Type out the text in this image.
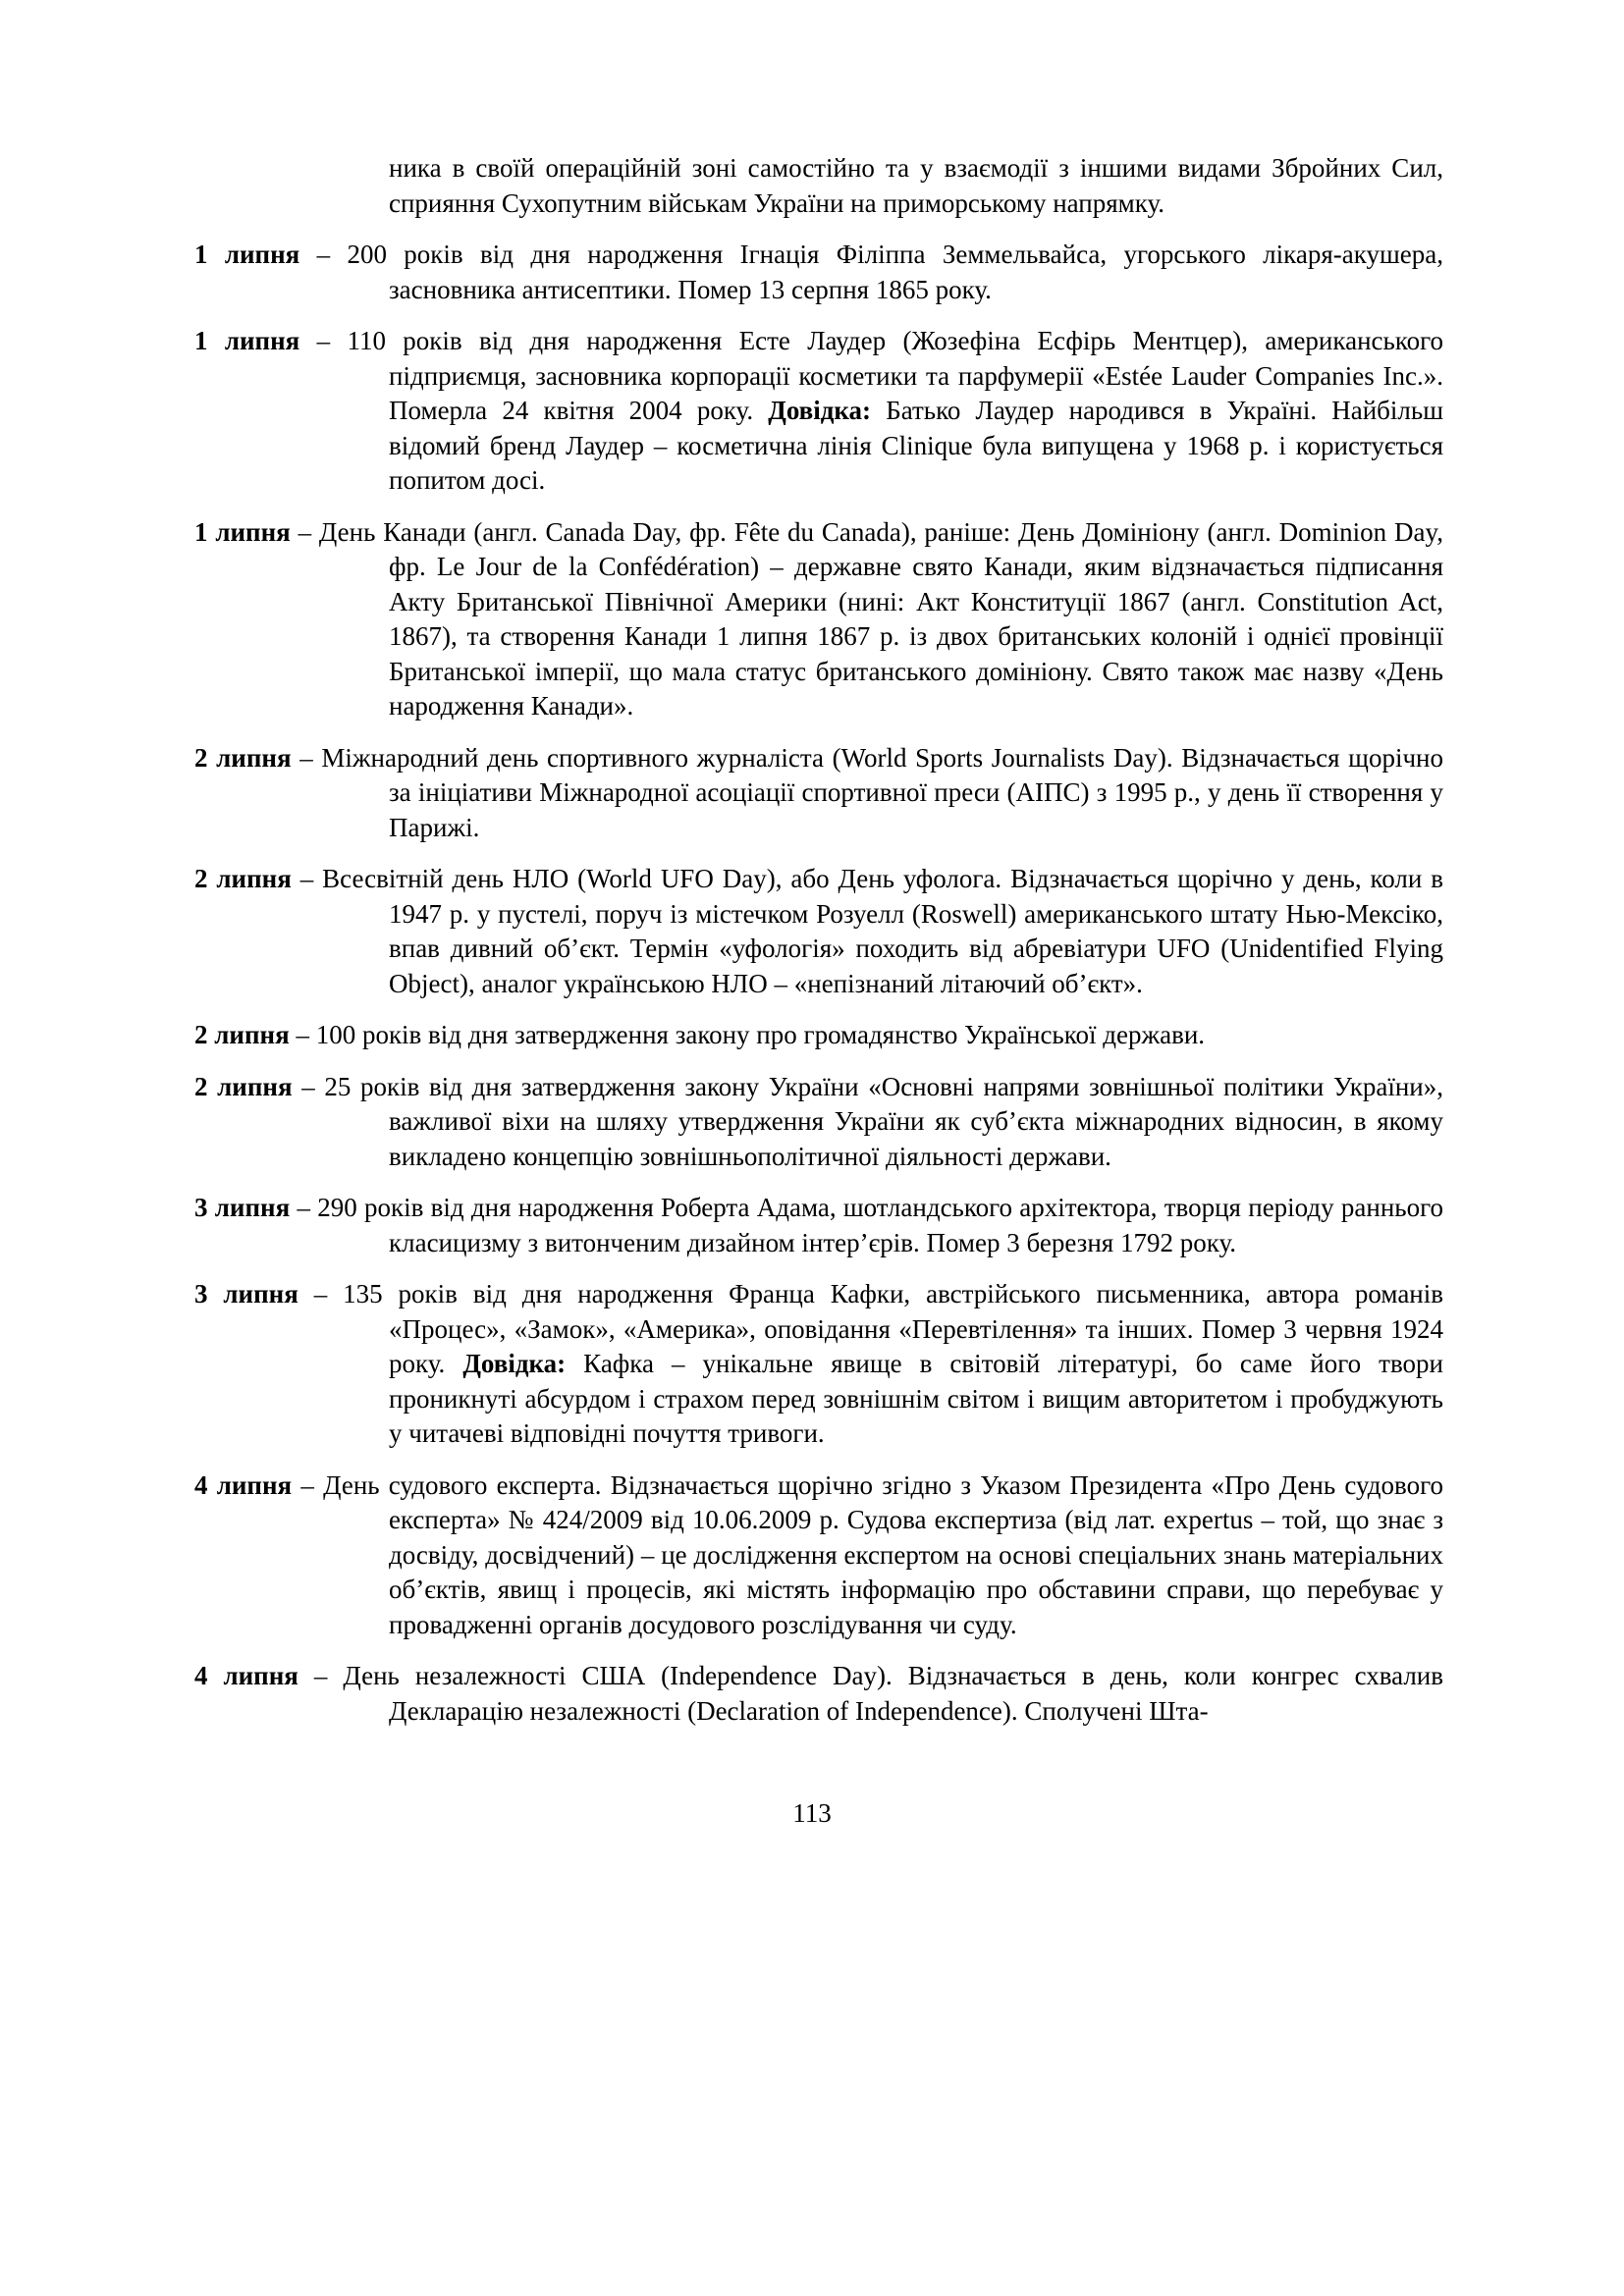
ника в своїй операційній зоні самостійно та у взаємодії з іншими видами Збройних Сил, сприяння Сухопутним військам України на приморському напрямку.

1 липня – 200 років від дня народження Ігнація Філіппа Земмельвайса, угорського лікаря-акушера, засновника антисептики. Помер 13 серпня 1865 року.

1 липня – 110 років від дня народження Есте Лаудер (Жозефіна Есфірь Ментцер), американського підприємця, засновника корпорації косметики та парфумерії «Estée Lauder Companies Inc.». Померла 24 квітня 2004 року. Довідка: Батько Лаудер народився в Україні. Найбільш відомий бренд Лаудер – косметична лінія Clinique була випущена у 1968 р. і користується попитом досі.

1 липня – День Канади (англ. Canada Day, фр. Fête du Canada), раніше: День Домініону (англ. Dominion Day, фр. Le Jour de la Confédération) – державне свято Канади, яким відзначається підписання Акту Британської Північної Америки (нині: Акт Конституції 1867 (англ. Constitution Act, 1867), та створення Канади 1 липня 1867 р. із двох британських колоній і однієї провінції Британської імперії, що мала статус британського домініону. Свято також має назву «День народження Канади».

2 липня – Міжнародний день спортивного журналіста (World Sports Journalists Day). Відзначається щорічно за ініціативи Міжнародної асоціації спортивної преси (АІПС) з 1995 р., у день її створення у Парижі.

2 липня – Всесвітній день НЛО (World UFO Day), або День уфолога. Відзначається щорічно у день, коли в 1947 р. у пустелі, поруч із містечком Розуелл (Roswell) американського штату Нью-Мексіко, впав дивний об’єкт. Термін «уфологія» походить від абревіатури UFO (Unidentified Flying Object), аналог українською НЛО – «непізнаний літаючий об’єкт».

2 липня – 100 років від дня затвердження закону про громадянство Української держави.

2 липня – 25 років від дня затвердження закону України «Основні напрями зовнішньої політики України», важливої віхи на шляху утвердження України як суб’єкта міжнародних відносин, в якому викладено концепцію зовнішньополітичної діяльності держави.

3 липня – 290 років від дня народження Роберта Адама, шотландського архітектора, творця періоду раннього класицизму з витонченим дизайном інтер’єрів. Помер 3 березня 1792 року.

3 липня – 135 років від дня народження Франца Кафки, австрійського письменника, автора романів «Процес», «Замок», «Америка», оповідання «Перевтілення» та інших. Помер 3 червня 1924 року. Довідка: Кафка – унікальне явище в світовій літературі, бо саме його твори проникнуті абсурдом і страхом перед зовнішнім світом і вищим авторитетом і пробуджують у читачеві відповідні почуття тривоги.

4 липня – День судового експерта. Відзначається щорічно згідно з Указом Президента «Про День судового експерта» № 424/2009 від 10.06.2009 р. Судова експертиза (від лат. expertus – той, що знає з досвіду, досвідчений) – це дослідження експертом на основі спеціальних знань матеріальних об’єктів, явищ і процесів, які містять інформацію про обставини справи, що перебуває у провадженні органів досудового розслідування чи суду.

4 липня – День незалежності США (Independence Day). Відзначається в день, коли конгрес схвалив Декларацію незалежності (Declaration of Independence). Сполучені Шта-

113
